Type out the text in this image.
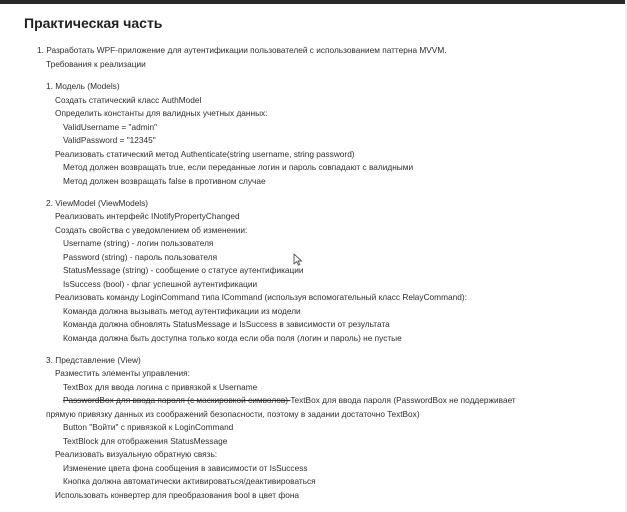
Практическая часть
1. Разработать WPF-приложение для аутентификации пользователей с использованием паттерна MVVM.
Требования к реализации
1. Модель (Models)
Создать статический класс AuthModel
Определить константы для валидных учетных данных:
ValidUsername = "admin"
ValidPassword = "12345"
Реализовать статический метод Authenticate(string username, string password)
Метод должен возвращать true, если переданные логин и пароль совпадают с валидными
Метод должен возвращать false в противном случае
2. ViewModel (ViewModels)
Реализовать интерфейс INotifyPropertyChanged
Создать свойства с уведомлением об изменении:
Username (string) - логин пользователя
Password (string) - пароль пользователя
StatusMessage (string) - сообщение о статусе аутентификации
IsSuccess (bool) - флаг успешной аутентификации
Реализовать команду LoginCommand типа ICommand (используя вспомогательный класс RelayCommand):
Команда должна вызывать метод аутентификации из модели
Команда должна обновлять StatusMessage и IsSuccess в зависимости от результата
Команда должна быть доступна только когда если оба поля (логин и пароль) не пустые
3. Представление (View)
Разместить элементы управления:
TextBox для ввода логина с привязкой к Username
PasswordBox для ввода пароля (с маскировкой символов) TextBox для ввода пароля (PasswordBox не поддерживает
прямую привязку данных из соображений безопасности, поэтому в задании достаточно TextBox)
Button "Войти" с привязкой к LoginCommand
TextBlock для отображения StatusMessage
Реализовать визуальную обратную связь:
Изменение цвета фона сообщения в зависимости от IsSuccess
Кнопка должна автоматически активироваться/деактивироваться
Использовать конвертер для преобразования bool в цвет фона
